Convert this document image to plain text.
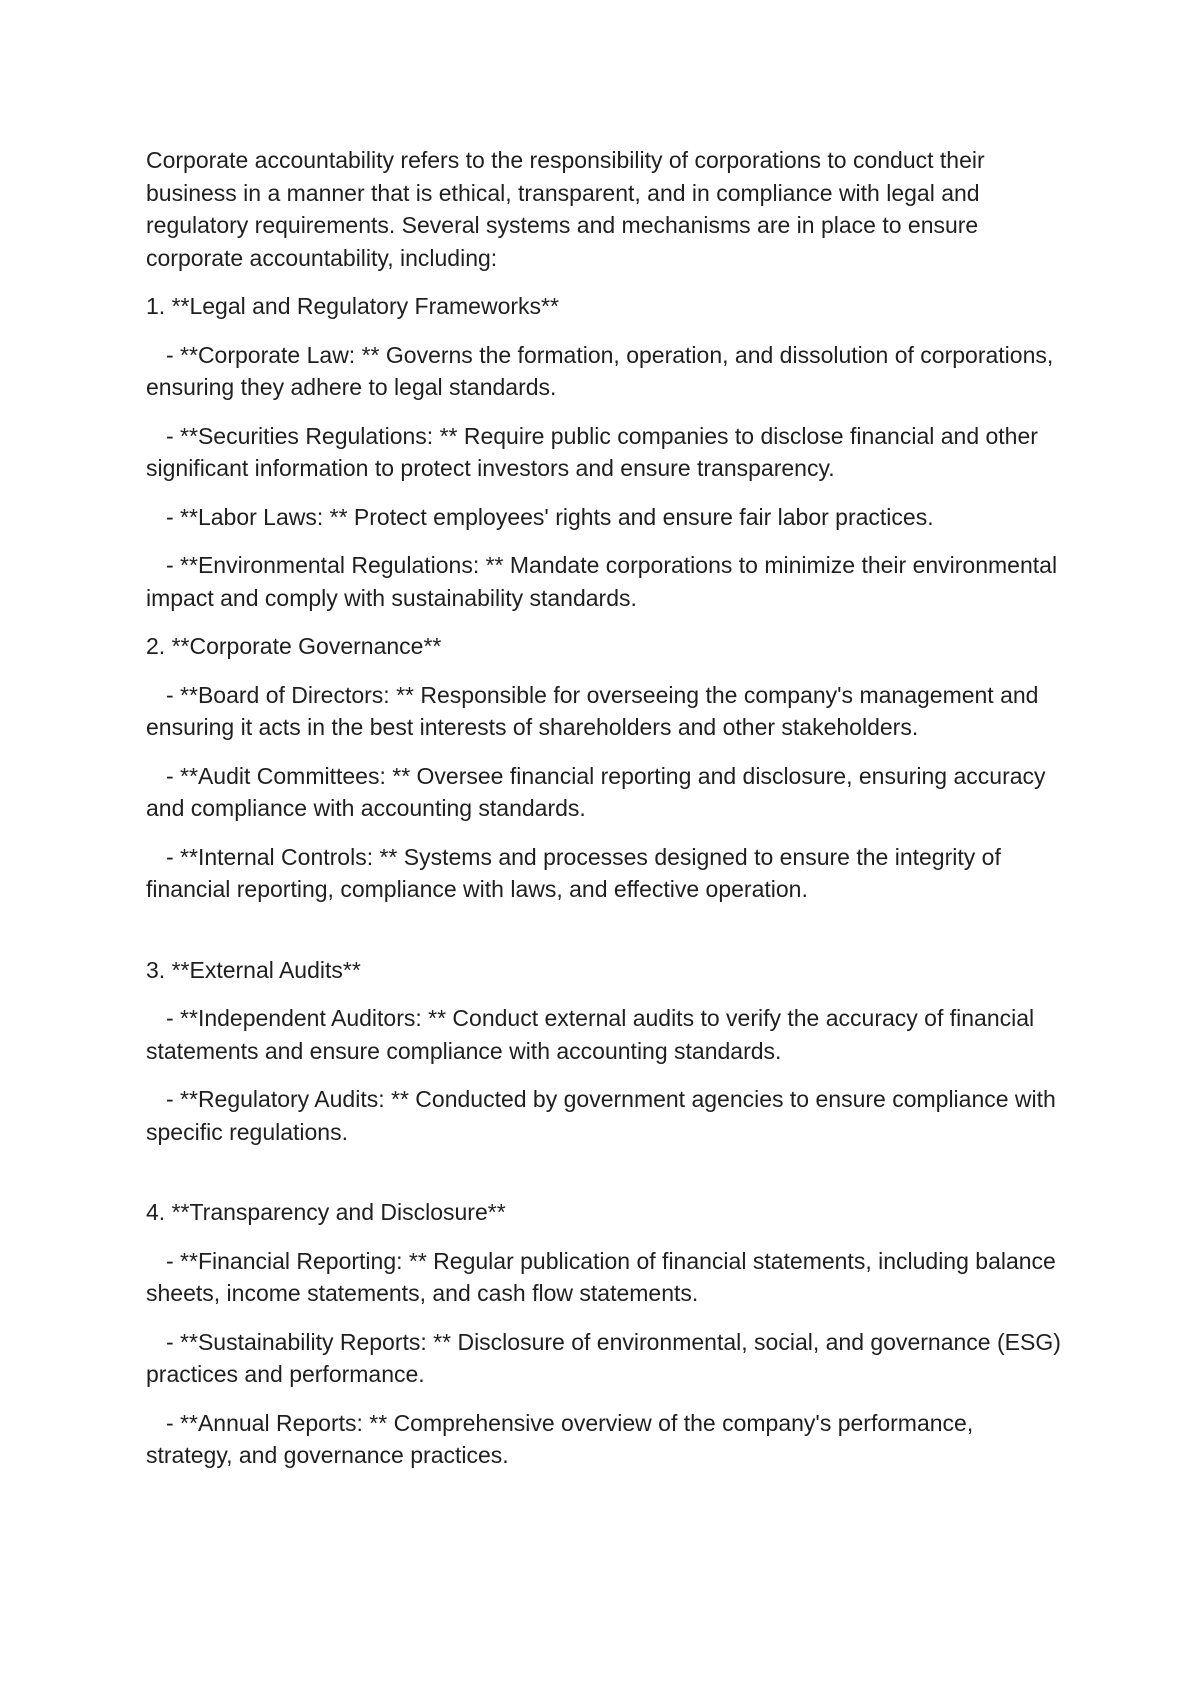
Corporate accountability refers to the responsibility of corporations to conduct their business in a manner that is ethical, transparent, and in compliance with legal and regulatory requirements. Several systems and mechanisms are in place to ensure corporate accountability, including:

1. **Legal and Regulatory Frameworks**

- **Corporate Law: ** Governs the formation, operation, and dissolution of corporations, ensuring they adhere to legal standards.

- **Securities Regulations: ** Require public companies to disclose financial and other significant information to protect investors and ensure transparency.

- **Labor Laws: ** Protect employees' rights and ensure fair labor practices.

- **Environmental Regulations: ** Mandate corporations to minimize their environmental impact and comply with sustainability standards.

2. **Corporate Governance**

- **Board of Directors: ** Responsible for overseeing the company's management and ensuring it acts in the best interests of shareholders and other stakeholders.

- **Audit Committees: ** Oversee financial reporting and disclosure, ensuring accuracy and compliance with accounting standards.

- **Internal Controls: ** Systems and processes designed to ensure the integrity of financial reporting, compliance with laws, and effective operation.

3. **External Audits**

- **Independent Auditors: ** Conduct external audits to verify the accuracy of financial statements and ensure compliance with accounting standards.

- **Regulatory Audits: ** Conducted by government agencies to ensure compliance with specific regulations.

4. **Transparency and Disclosure**

- **Financial Reporting: ** Regular publication of financial statements, including balance sheets, income statements, and cash flow statements.

- **Sustainability Reports: ** Disclosure of environmental, social, and governance (ESG) practices and performance.

- **Annual Reports: ** Comprehensive overview of the company's performance, strategy, and governance practices.
